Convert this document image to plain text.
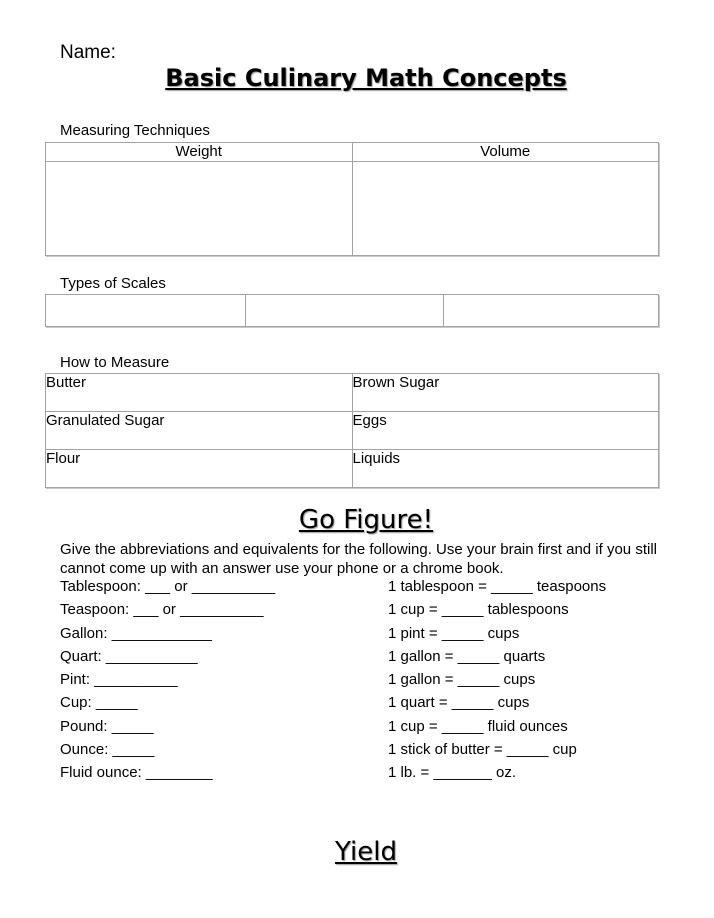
Name:
Basic Culinary Math Concepts
Measuring Techniques
Weight	Volume

Types of Scales

How to Measure
Butter	Brown Sugar
Granulated Sugar	Eggs
Flour	Liquids
Go Figure!
Give the abbreviations and equivalents for the following. Use your brain first and if you still cannot come up with an answer use your phone or a chrome book.
Tablespoon: ___ or __________
Teaspoon: ___ or __________
Gallon: ____________
Quart: ___________
Pint: __________
Cup: _____
Pound: _____
Ounce: _____
Fluid ounce: ________
1 tablespoon = _____ teaspoons
1 cup = _____ tablespoons
1 pint = _____ cups
1 gallon = _____ quarts
1 gallon = _____ cups
1 quart = _____ cups
1 cup = _____ fluid ounces
1 stick of butter = _____ cup
1 lb. = _______ oz.
Yield
